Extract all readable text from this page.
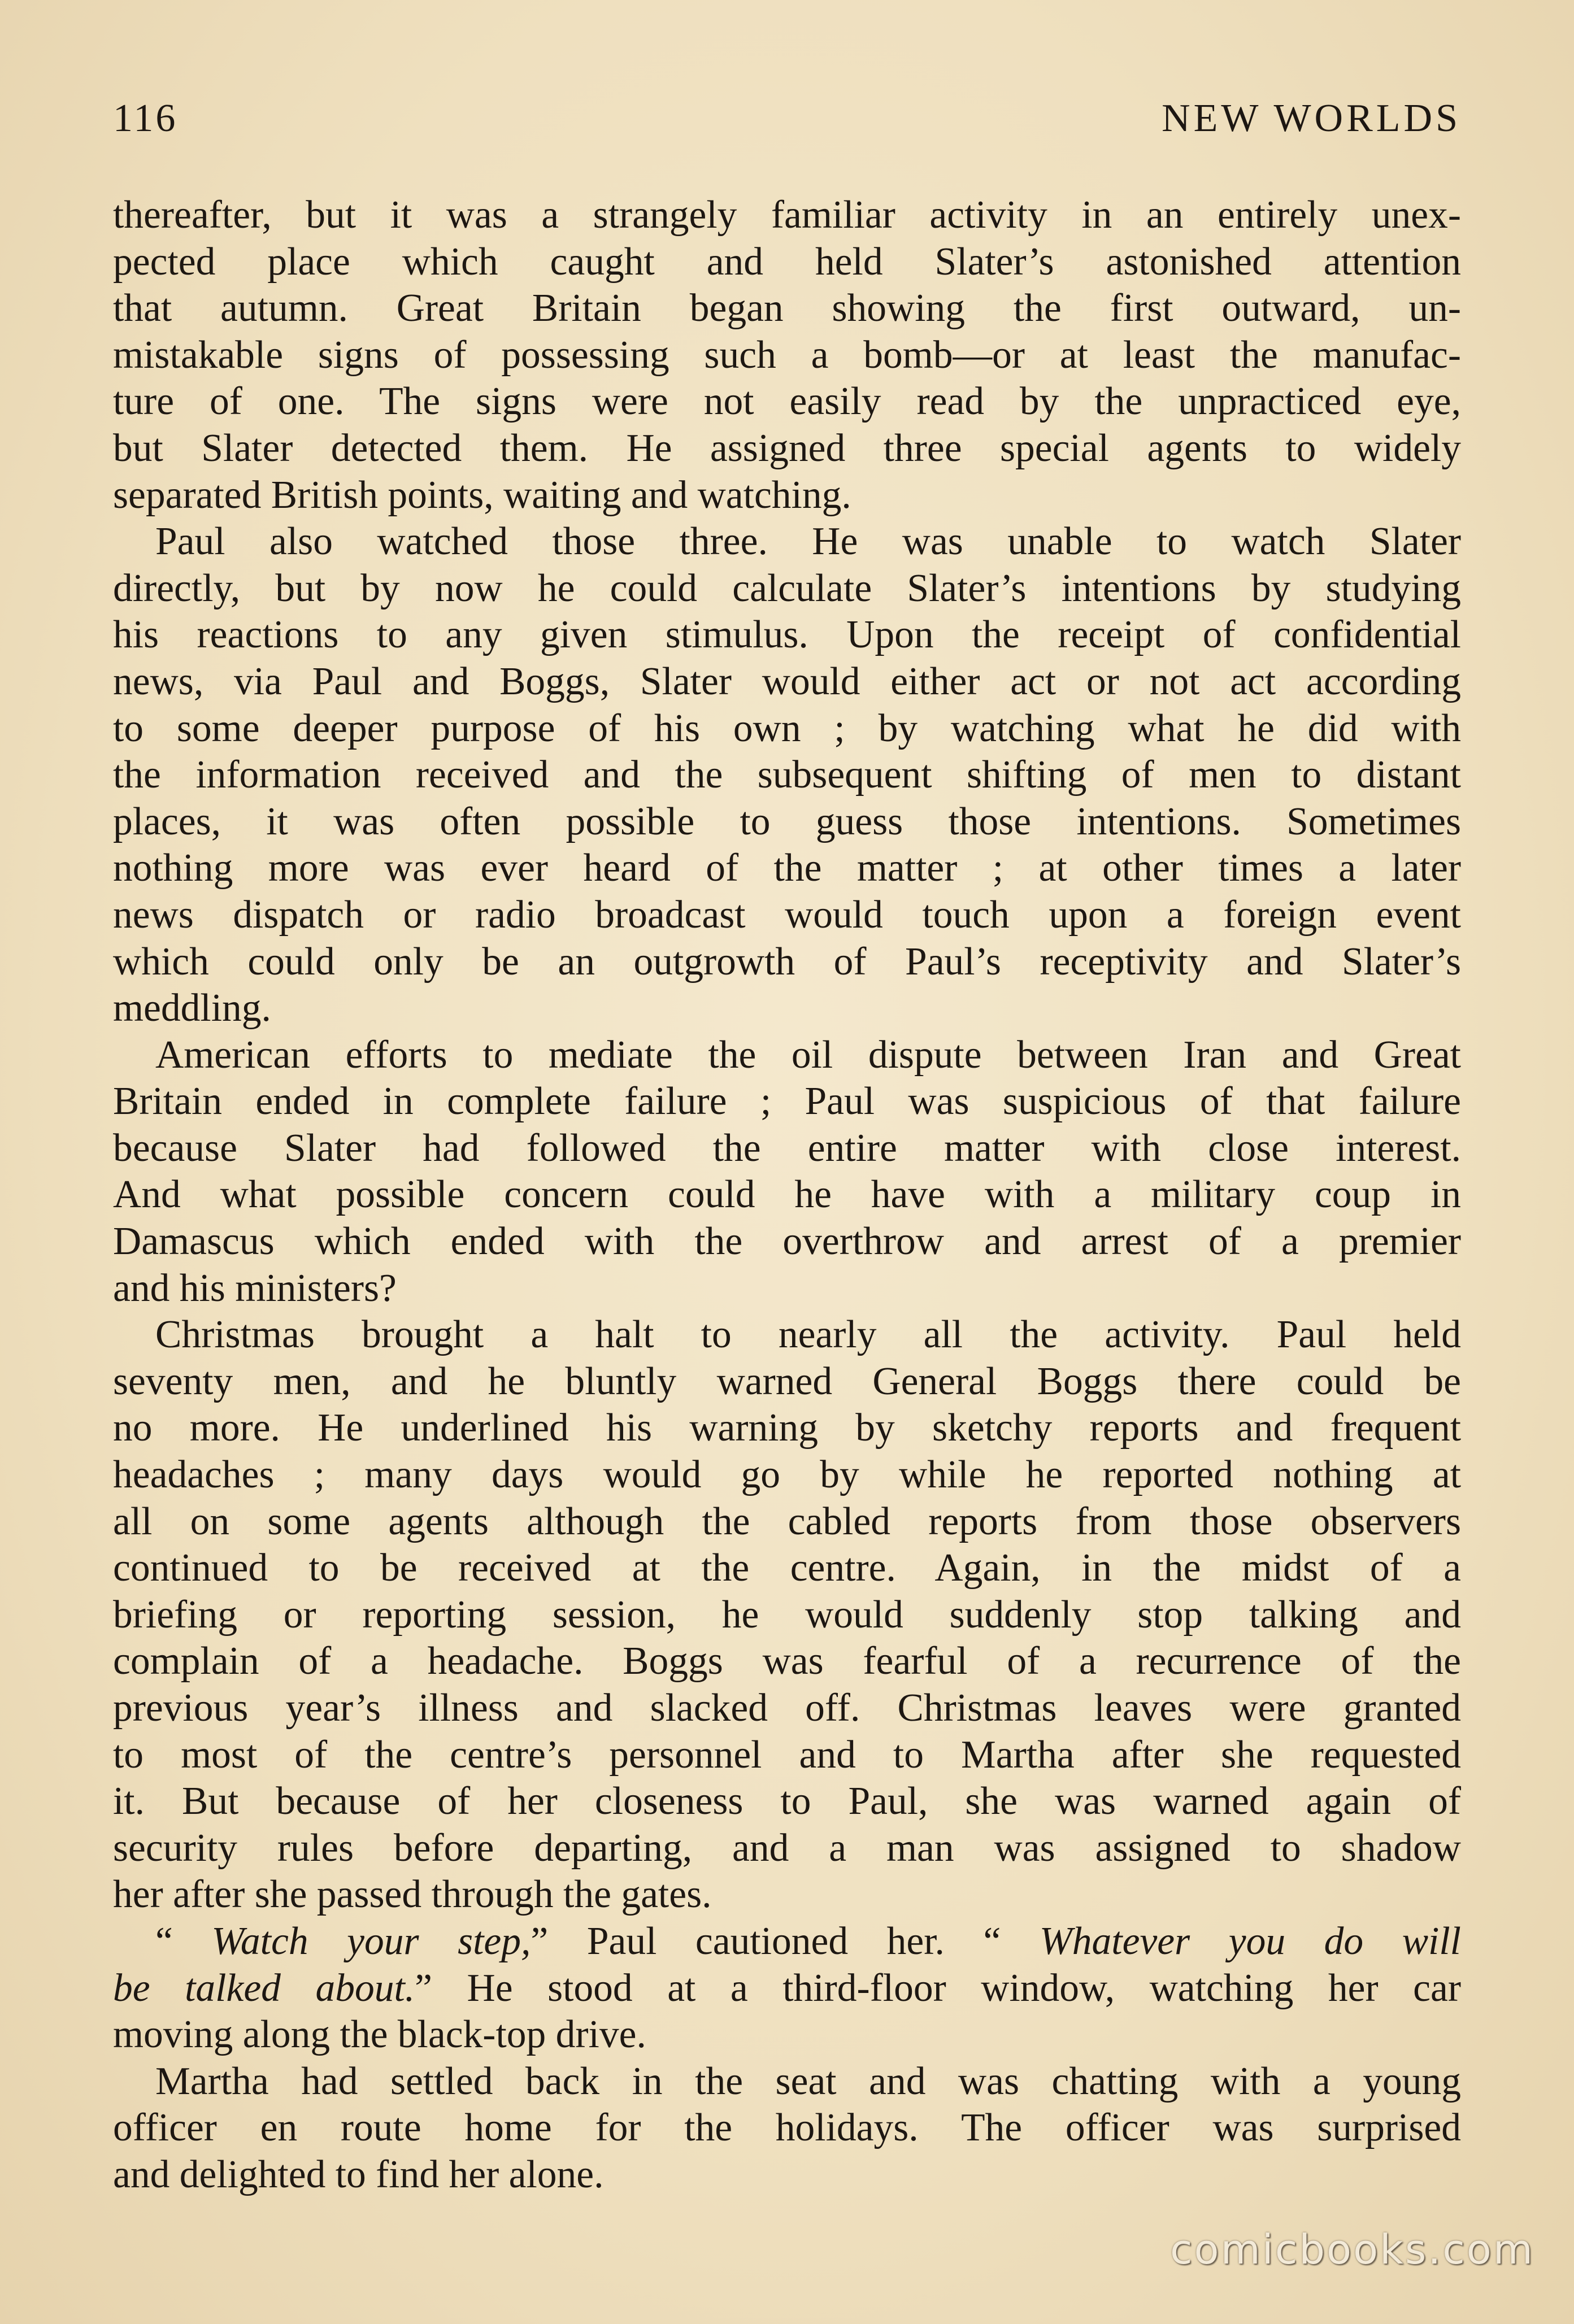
116	NEW WORLDS
thereafter, but it was a strangely familiar activity in an entirely unex-
pected place which caught and held Slater’s astonished attention
that autumn. Great Britain began showing the first outward, un-
mistakable signs of possessing such a bomb—or at least the manufac-
ture of one. The signs were not easily read by the unpracticed eye,
but Slater detected them. He assigned three special agents to widely
separated British points, waiting and watching.
Paul also watched those three. He was unable to watch Slater
directly, but by now he could calculate Slater’s intentions by studying
his reactions to any given stimulus. Upon the receipt of confidential
news, via Paul and Boggs, Slater would either act or not act according
to some deeper purpose of his own ; by watching what he did with
the information received and the subsequent shifting of men to distant
places, it was often possible to guess those intentions. Sometimes
nothing more was ever heard of the matter ; at other times a later
news dispatch or radio broadcast would touch upon a foreign event
which could only be an outgrowth of Paul’s receptivity and Slater’s
meddling.
American efforts to mediate the oil dispute between Iran and Great
Britain ended in complete failure ; Paul was suspicious of that failure
because Slater had followed the entire matter with close interest.
And what possible concern could he have with a military coup in
Damascus which ended with the overthrow and arrest of a premier
and his ministers?
Christmas brought a halt to nearly all the activity. Paul held
seventy men, and he bluntly warned General Boggs there could be
no more. He underlined his warning by sketchy reports and frequent
headaches ; many days would go by while he reported nothing at
all on some agents although the cabled reports from those observers
continued to be received at the centre. Again, in the midst of a
briefing or reporting session, he would suddenly stop talking and
complain of a headache. Boggs was fearful of a recurrence of the
previous year’s illness and slacked off. Christmas leaves were granted
to most of the centre’s personnel and to Martha after she requested
it. But because of her closeness to Paul, she was warned again of
security rules before departing, and a man was assigned to shadow
her after she passed through the gates.
“ Watch your step,” Paul cautioned her. “ Whatever you do will
be talked about.” He stood at a third-floor window, watching her car
moving along the black-top drive.
Martha had settled back in the seat and was chatting with a young
officer en route home for the holidays. The officer was surprised
and delighted to find her alone.
comicbooks.com
